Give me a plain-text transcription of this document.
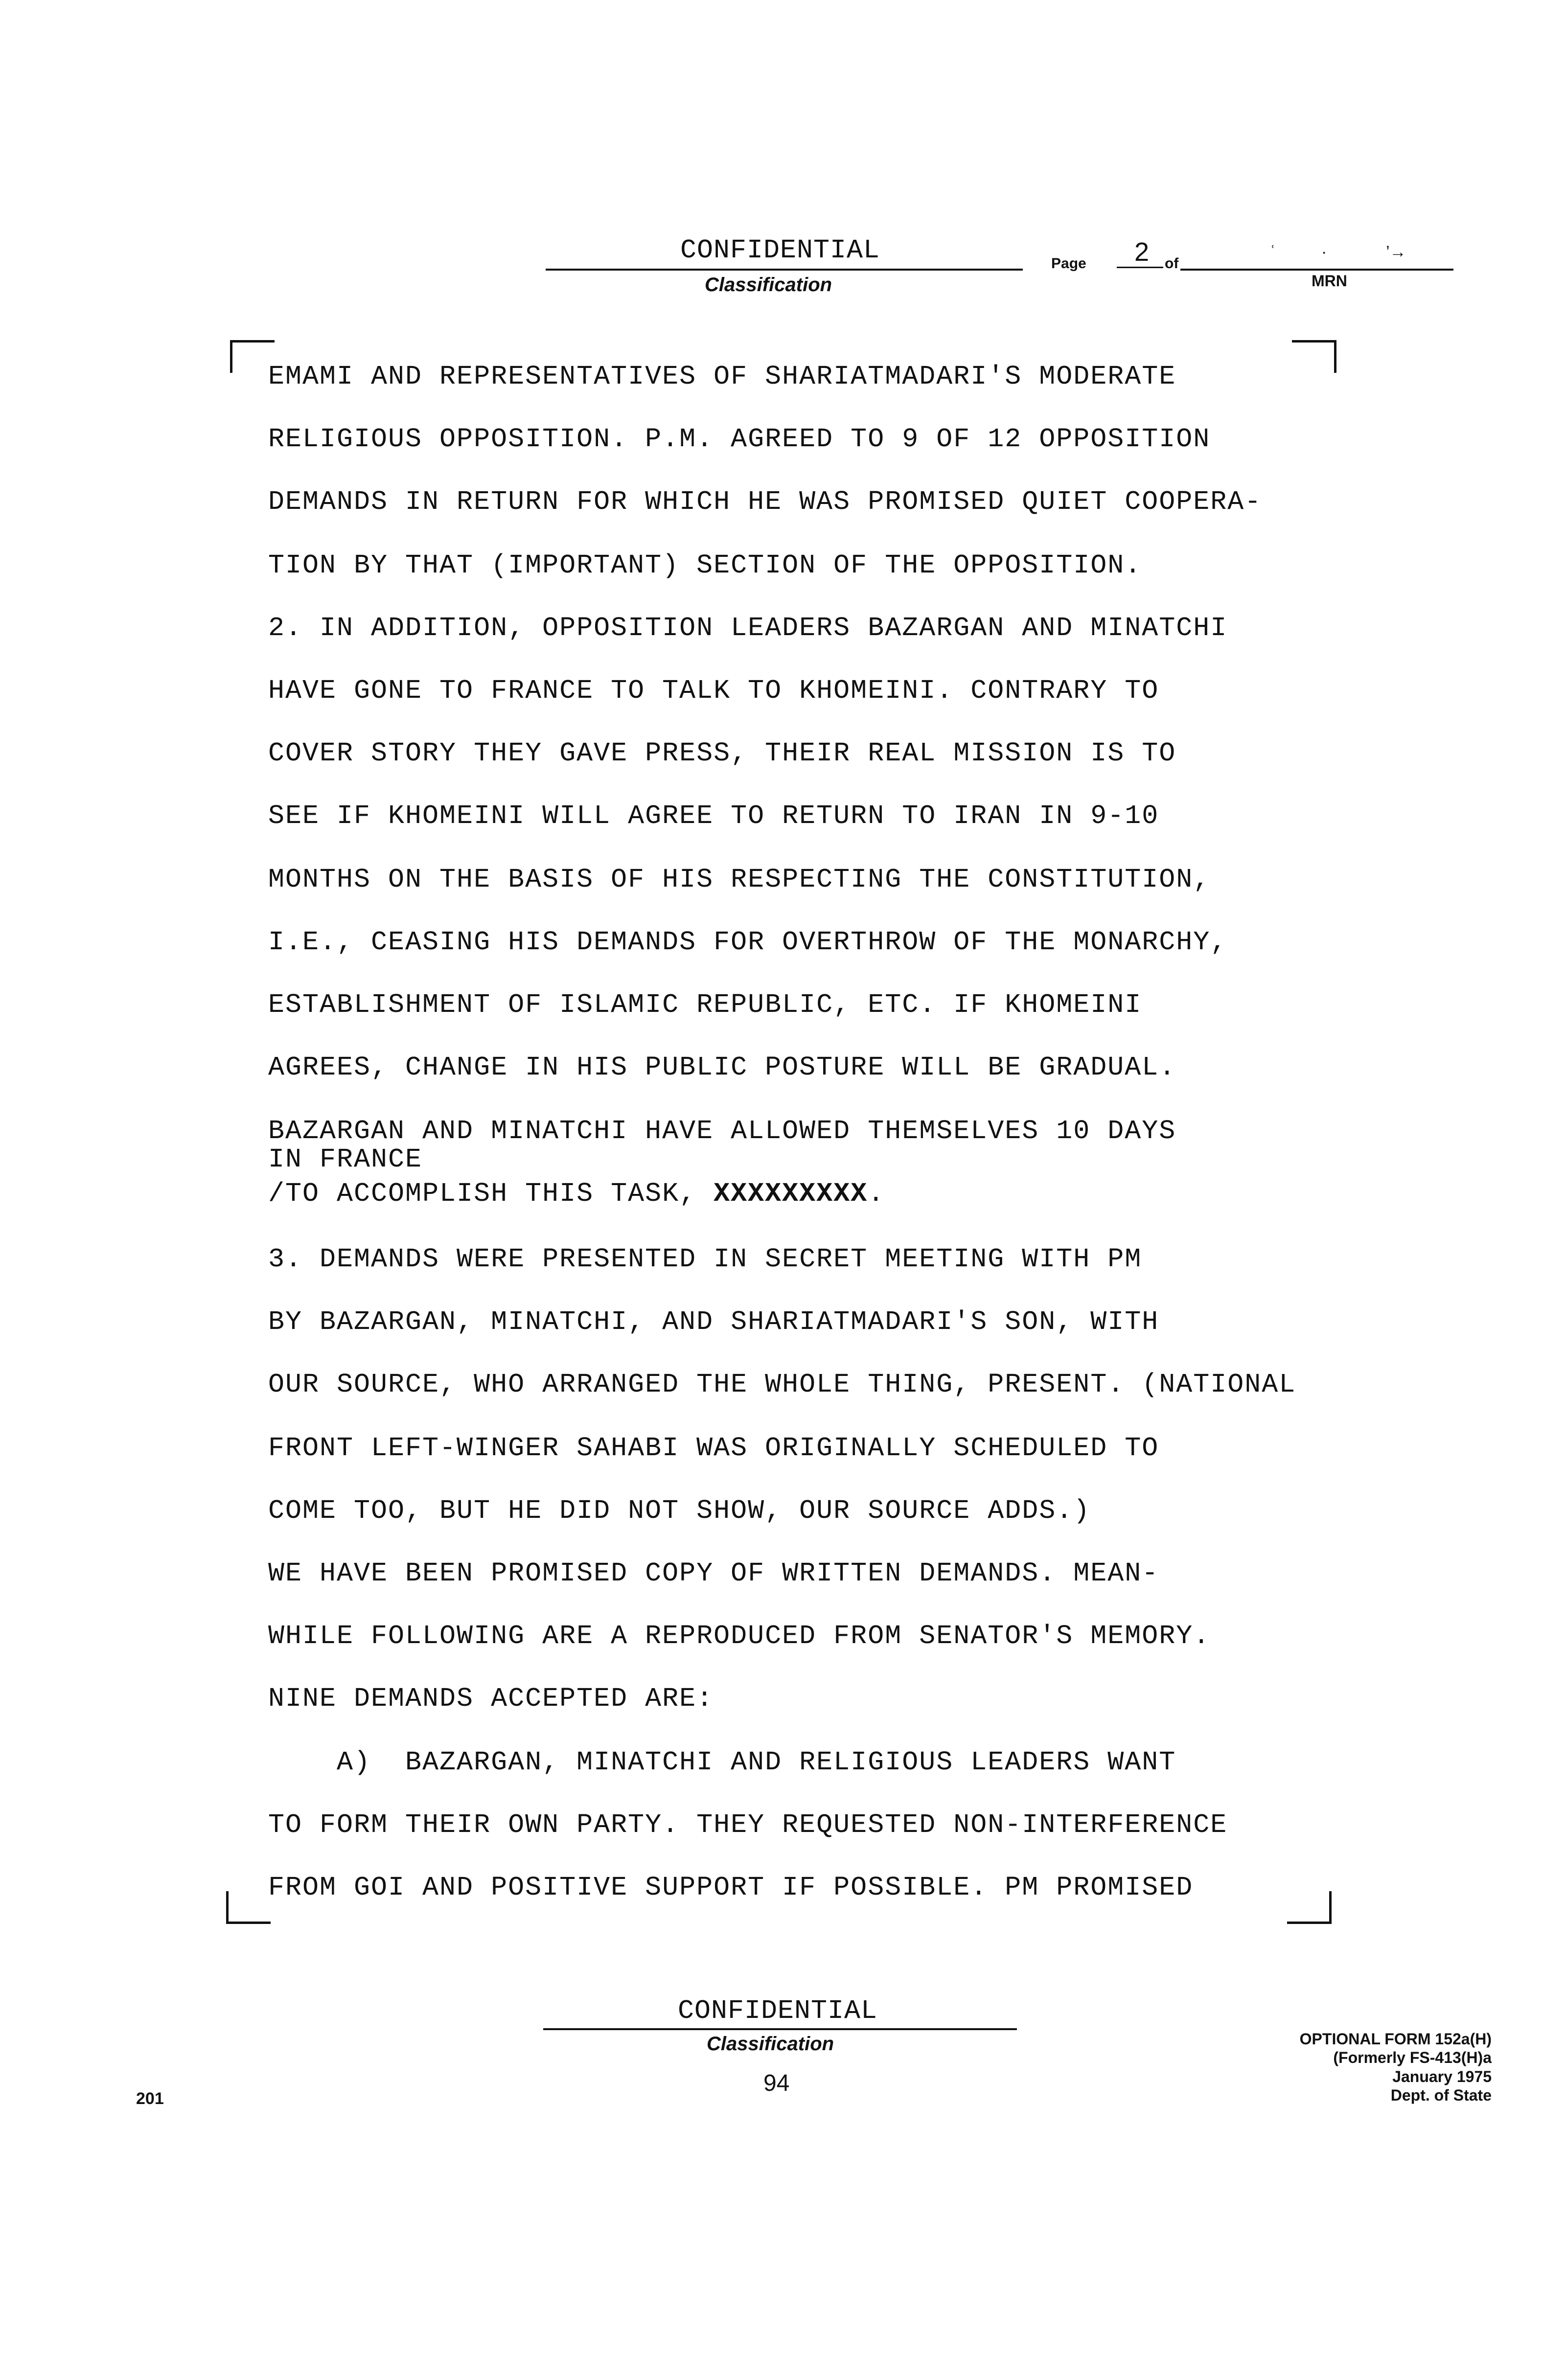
CONFIDENTIAL
Classification
Page 2 of
MRN
ʿ	·	’→
EMAMI AND REPRESENTATIVES OF SHARIATMADARI'S MODERATE
RELIGIOUS OPPOSITION. P.M. AGREED TO 9 OF 12 OPPOSITION
DEMANDS IN RETURN FOR WHICH HE WAS PROMISED QUIET COOPERA-
TION BY THAT (IMPORTANT) SECTION OF THE OPPOSITION.
2. IN ADDITION, OPPOSITION LEADERS BAZARGAN AND MINATCHI
HAVE GONE TO FRANCE TO TALK TO KHOMEINI. CONTRARY TO
COVER STORY THEY GAVE PRESS, THEIR REAL MISSION IS TO
SEE IF KHOMEINI WILL AGREE TO RETURN TO IRAN IN 9-10
MONTHS ON THE BASIS OF HIS RESPECTING THE CONSTITUTION,
I.E., CEASING HIS DEMANDS FOR OVERTHROW OF THE MONARCHY,
ESTABLISHMENT OF ISLAMIC REPUBLIC, ETC. IF KHOMEINI
AGREES, CHANGE IN HIS PUBLIC POSTURE WILL BE GRADUAL.
BAZARGAN AND MINATCHI HAVE ALLOWED THEMSELVES 10 DAYS
IN FRANCE
/TO ACCOMPLISH THIS TASK, XXXXXXXXX.
3. DEMANDS WERE PRESENTED IN SECRET MEETING WITH PM
BY BAZARGAN, MINATCHI, AND SHARIATMADARI'S SON, WITH
OUR SOURCE, WHO ARRANGED THE WHOLE THING, PRESENT. (NATIONAL
FRONT LEFT-WINGER SAHABI WAS ORIGINALLY SCHEDULED TO
COME TOO, BUT HE DID NOT SHOW, OUR SOURCE ADDS.)
WE HAVE BEEN PROMISED COPY OF WRITTEN DEMANDS. MEAN-
WHILE FOLLOWING ARE A REPRODUCED FROM SENATOR'S MEMORY.
NINE DEMANDS ACCEPTED ARE:
A)  BAZARGAN, MINATCHI AND RELIGIOUS LEADERS WANT
TO FORM THEIR OWN PARTY. THEY REQUESTED NON-INTERFERENCE
FROM GOI AND POSITIVE SUPPORT IF POSSIBLE. PM PROMISED
CONFIDENTIAL
Classification
94
OPTIONAL FORM 152a(H)
(Formerly FS-413(H)a
January 1975
Dept. of State
201
